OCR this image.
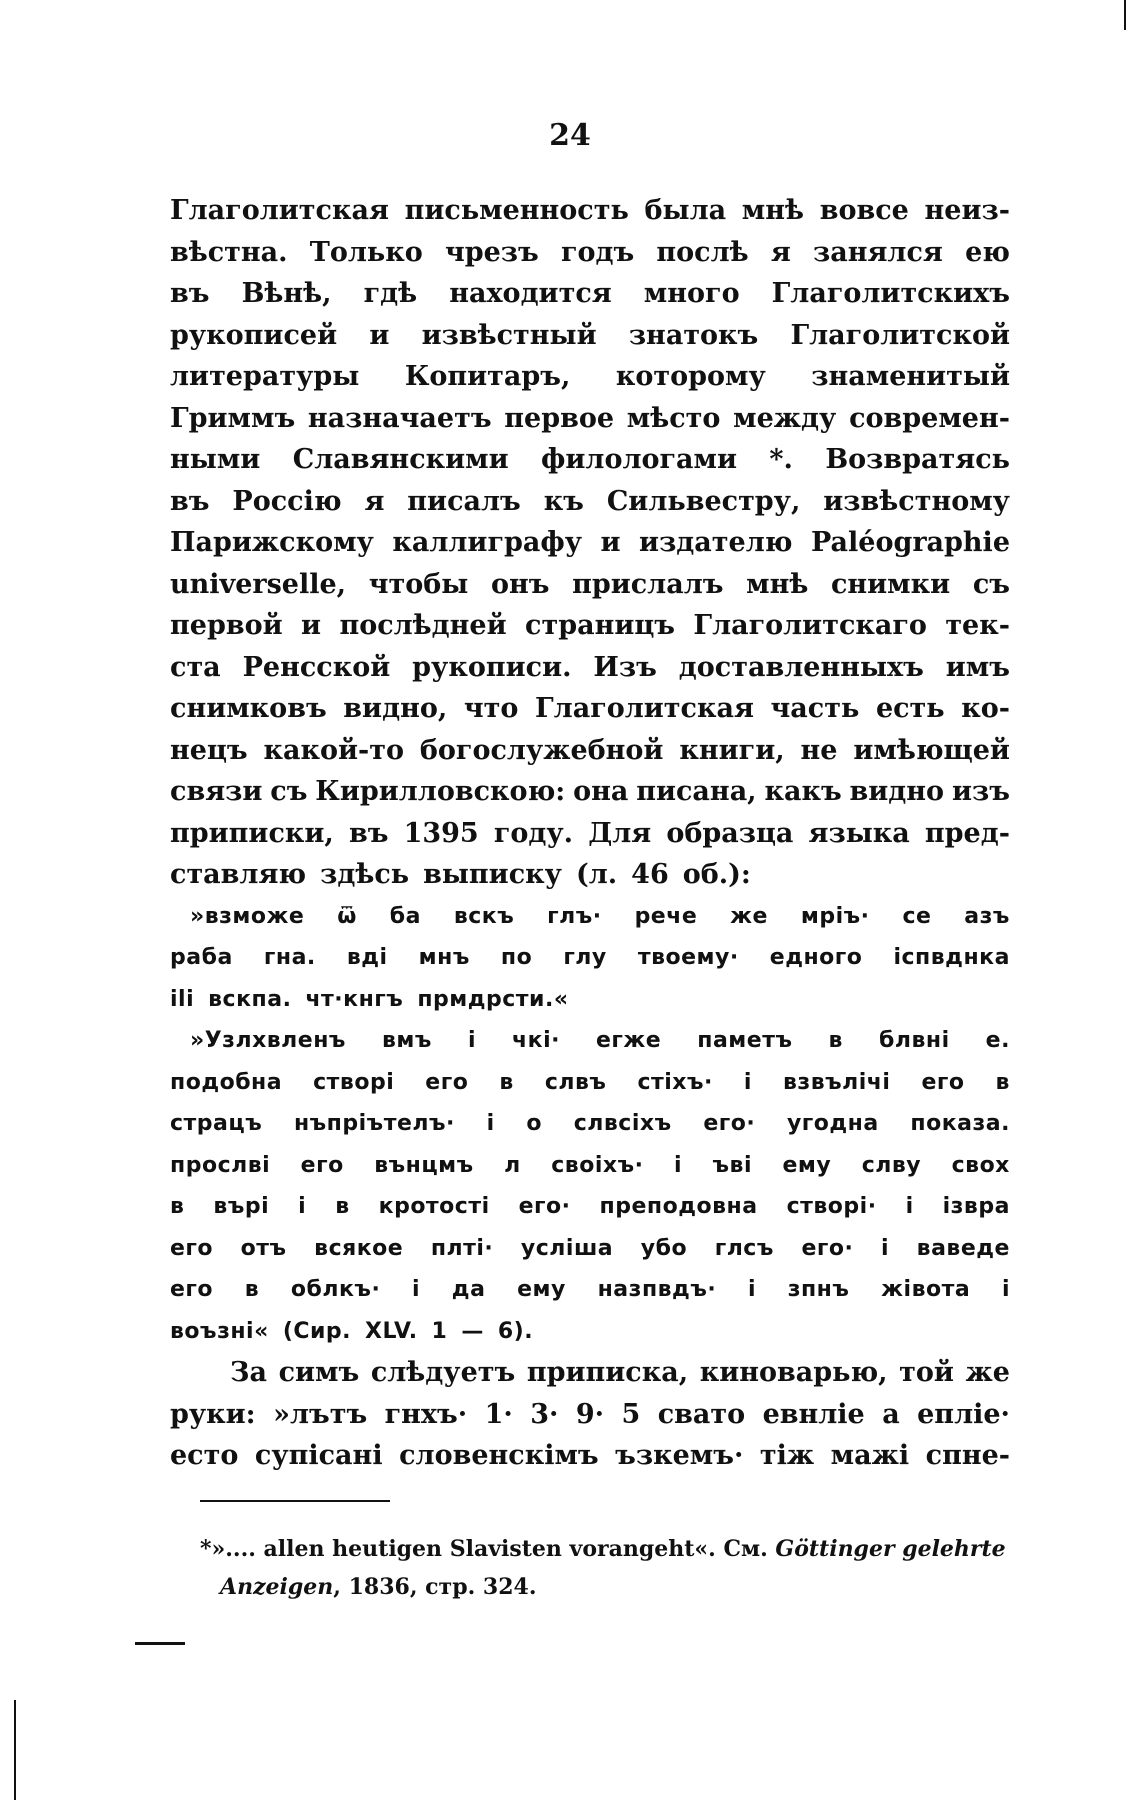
24
Глаголитская письменность была мнѣ вовсе неиз-
вѣстна. Только чрезъ годъ послѣ я занялся ею
въ Вѣнѣ, гдѣ находится много Глаголитскихъ
рукописей и извѣстный знатокъ Глаголитской
литературы Копитаръ, которому знаменитый
Гриммъ назначаетъ первое мѣсто между современ-
ными Славянскими филологами *. Возвратясь
въ Россію я писалъ къ Сильвестру, извѣстному
Парижскому каллиграфу и издателю Paléographie
universelle, чтобы онъ прислалъ мнѣ снимки съ
первой и послѣдней страницъ Глаголитскаго тек-
ста Ренсской рукописи. Изъ доставленныхъ имъ
снимковъ видно, что Глаголитская часть есть ко-
нецъ какой-то богослужебной книги, не имѣющей
связи съ Кирилловскою: она писана, какъ видно изъ
приписки, въ 1395 году. Для образца языка пред-
ставляю здѣсь выписку (л. 46 об.):
»взможе ѿ ба вскъ глъ· рече же мрiъ· се азъ
раба гна. вдi мнъ по глу твоему· едного iспвднка
ili вскпа. чт·кнгъ прмдрсти.«
»Узлхвленъ вмъ i чкi· егже паметъ в блвнi е.
подобна створi его в слвъ стiхъ· i взвълiчi его в
страцъ нъпрiътелъ· i о слвсiхъ его· угодна показа.
прослвi его вънцмъ л своiхъ· i ъвi ему слву свох
в въpi i в кротостi его· преподовна створi· i iзвра
его отъ всякое плтi· услiша убо глсъ его· i ваведе
его в облкъ· i да ему назпвдъ· i зпнъ жiвота i
воъзнi« (Сир. XLV. 1 — 6).
За симъ слѣдуетъ приписка, киноварью, той же
руки: »лътъ гнхъ· 1· 3· 9· 5 свато евнлiе а еплiе·
есто супiсанi словенскiмъ ъзкемъ· тiж мажi спне-
*».... allen heutigen Slavisten vorangeht«. См. Göttinger gelehrte
Anzeigen, 1836, стр. 324.
